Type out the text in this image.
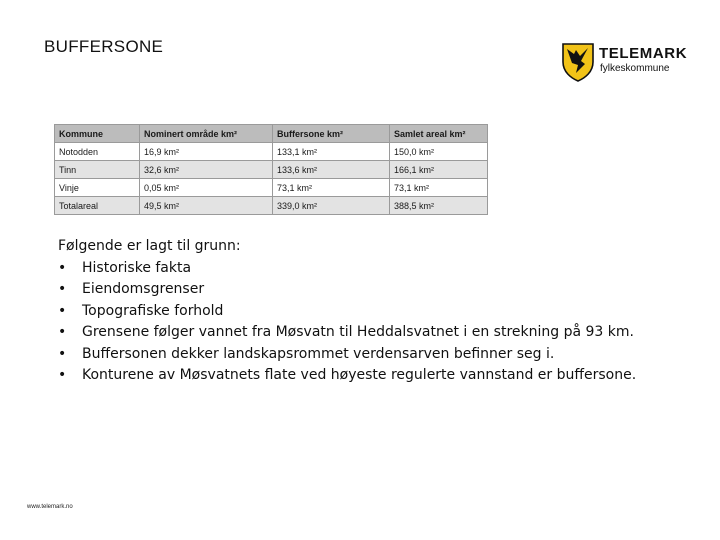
BUFFERSONE	TELEMARK
fylkeskommune
Kommune	Nominert område km²	Buffersone km²	Samlet areal km²
Notodden	16,9 km²	133,1 km²	150,0 km²
Tinn	32,6 km²	133,6 km²	166,1 km²
Vinje	0,05 km²	73,1 km²	73,1 km²
Totalareal	49,5 km²	339,0 km²	388,5 km²
Følgende er lagt til grunn:
• Historiske fakta
• Eiendomsgrenser
• Topografiske forhold
• Grensene følger vannet fra Møsvatn til Heddalsvatnet i en strekning på 93 km.
• Buffersonen dekker landskapsrommet verdensarven befinner seg i.
• Konturene av Møsvatnets flate ved høyeste regulerte vannstand er buffersone.
www.telemark.no
